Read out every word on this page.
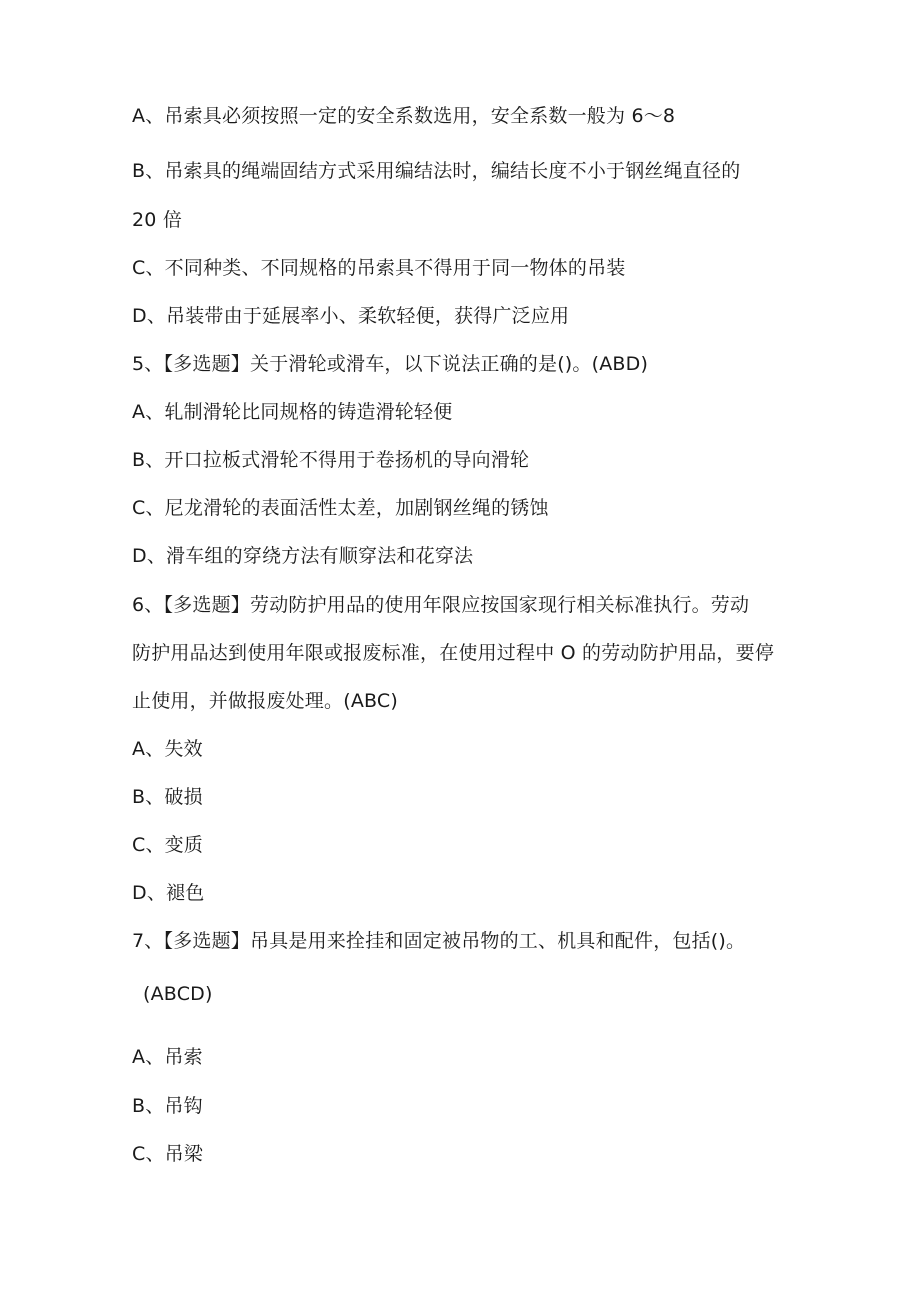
A、吊索具必须按照一定的安全系数选用，安全系数一般为 6～8
B、吊索具的绳端固结方式采用编结法时，编结长度不小于钢丝绳直径的
20 倍
C、不同种类、不同规格的吊索具不得用于同一物体的吊装
D、吊装带由于延展率小、柔软轻便，获得广泛应用
5、【多选题】关于滑轮或滑车，以下说法正确的是()。(ABD)
A、轧制滑轮比同规格的铸造滑轮轻便
B、开口拉板式滑轮不得用于卷扬机的导向滑轮
C、尼龙滑轮的表面活性太差，加剧钢丝绳的锈蚀
D、滑车组的穿绕方法有顺穿法和花穿法
6、【多选题】劳动防护用品的使用年限应按国家现行相关标准执行。劳动
防护用品达到使用年限或报废标准，在使用过程中 O 的劳动防护用品，要停
止使用，并做报废处理。(ABC)
A、失效
B、破损
C、变质
D、褪色
7、【多选题】吊具是用来拴挂和固定被吊物的工、机具和配件，包括()。
(ABCD)
A、吊索
B、吊钩
C、吊梁
